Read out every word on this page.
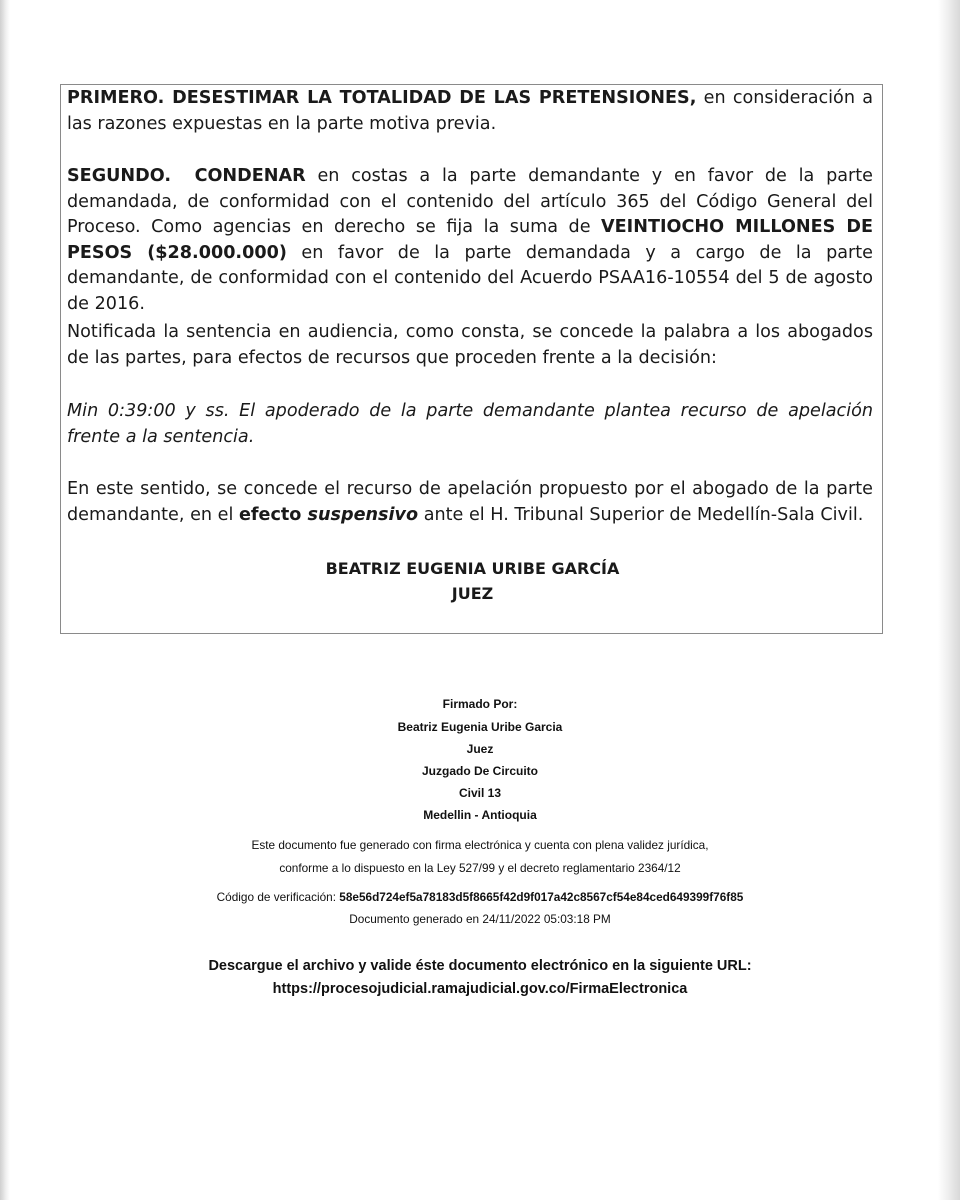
PRIMERO. DESESTIMAR LA TOTALIDAD DE LAS PRETENSIONES, en consideración a las razones expuestas en la parte motiva previa.

SEGUNDO. CONDENAR en costas a la parte demandante y en favor de la parte demandada, de conformidad con el contenido del artículo 365 del Código General del Proceso. Como agencias en derecho se fija la suma de VEINTIOCHO MILLONES DE PESOS ($28.000.000) en favor de la parte demandada y a cargo de la parte demandante, de conformidad con el contenido del Acuerdo PSAA16-10554 del 5 de agosto de 2016.

Notificada la sentencia en audiencia, como consta, se concede la palabra a los abogados de las partes, para efectos de recursos que proceden frente a la decisión:

Min 0:39:00 y ss. El apoderado de la parte demandante plantea recurso de apelación frente a la sentencia.

En este sentido, se concede el recurso de apelación propuesto por el abogado de la parte demandante, en el efecto suspensivo ante el H. Tribunal Superior de Medellín-Sala Civil.

BEATRIZ EUGENIA URIBE GARCÍA

JUEZ

Firmado Por:

Beatriz Eugenia Uribe Garcia

Juez

Juzgado De Circuito

Civil 13

Medellin - Antioquia

Este documento fue generado con firma electrónica y cuenta con plena validez jurídica,

conforme a lo dispuesto en la Ley 527/99 y el decreto reglamentario 2364/12

Código de verificación: 58e56d724ef5a78183d5f8665f42d9f017a42c8567cf54e84ced649399f76f85

Documento generado en 24/11/2022 05:03:18 PM

Descargue el archivo y valide éste documento electrónico en la siguiente URL:

https://procesojudicial.ramajudicial.gov.co/FirmaElectronica
